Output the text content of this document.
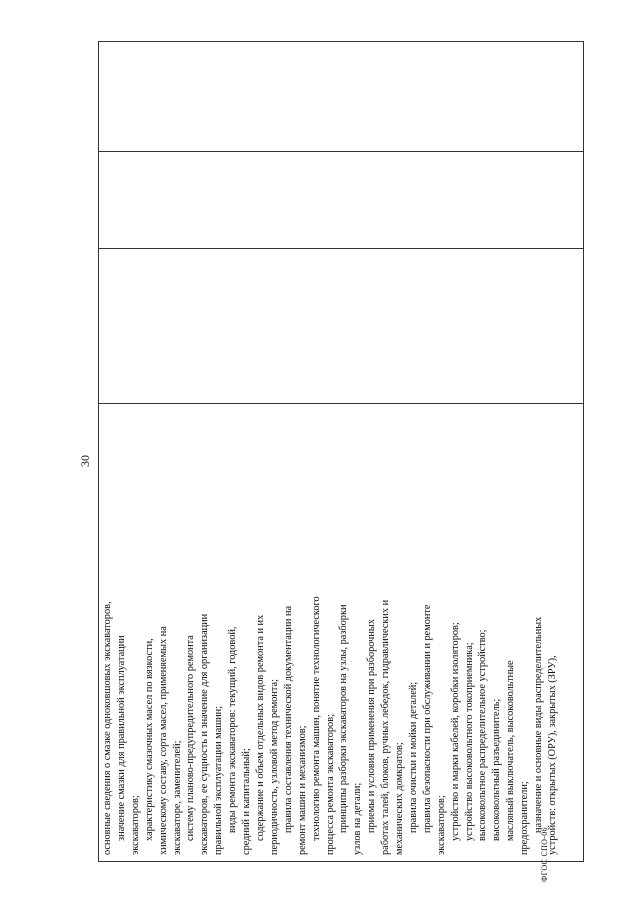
30
ФГОС СПО-06
основные сведения о смазке одноковшовых экскаваторов, значение смазки для правильной эксплуатации экскаваторов; характеристику смазочных масел по вязкости, химическому составу, сорта масел, применяемых на экскаваторе, заменителей; систему планово-предупредительного ремонта экскаваторов, ее сущность и значение для организации правильной эксплуатации машин; виды ремонта экскаваторов: текущий, годовой, средний и капитальный; содержание и объем отдельных видов ремонта и их периодичность, узловой метод ремонта; правила составления технической документации на ремонт машин и механизмов; технологию ремонта машин, понятие технологического процесса ремонта экскаваторов; принципы разборки экскаваторов на узлы, разборки узлов на детали; приемы и условия применения при разборочных работах талей, блоков, ручных лебедок, гидравлических и механических домкратов; правила очистки и мойки деталей; правила безопасности при обслуживании и ремонте экскаваторов; устройство и марки кабелей, коробки изоляторов; устройство высоковольтного токоприемника; высоковольтное распределительное устройство; высоковольтный разъединитель; масляный выключатель, высоковольтные предохранители; назначение и основные виды распределительных устройств: открытых (ОРУ), закрытых (ЗРУ),
